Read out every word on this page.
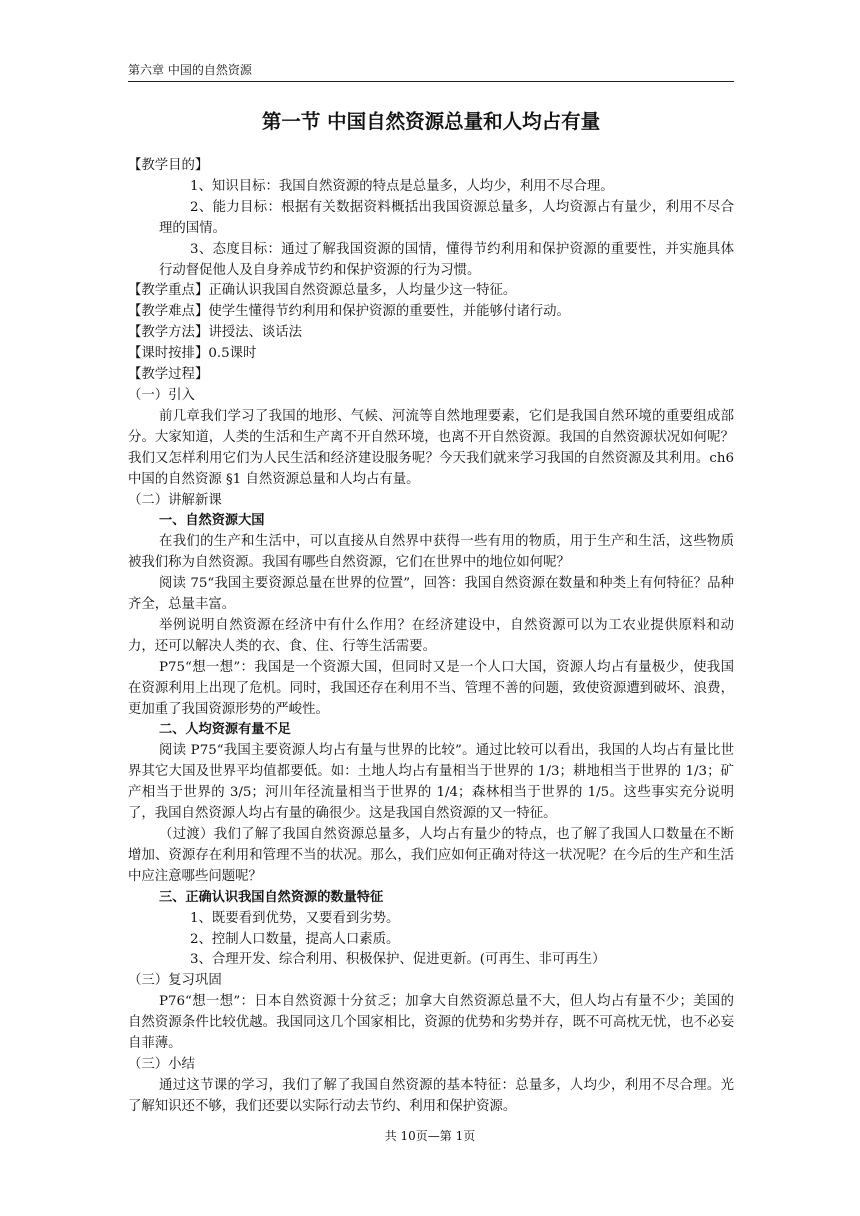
第六章 中国的自然资源
第一节 中国自然资源总量和人均占有量

【教学目的】

1、知识目标：我国自然资源的特点是总量多，人均少，利用不尽合理。

2、能力目标：根据有关数据资料概括出我国资源总量多，人均资源占有量少，利用不尽合理的国情。

3、态度目标：通过了解我国资源的国情，懂得节约利用和保护资源的重要性，并实施具体行动督促他人及自身养成节约和保护资源的行为习惯。

【教学重点】正确认识我国自然资源总量多，人均量少这一特征。

【教学难点】使学生懂得节约利用和保护资源的重要性，并能够付诸行动。

【教学方法】讲授法、谈话法

【课时按排】0.5课时

【教学过程】

（一）引入

前几章我们学习了我国的地形、气候、河流等自然地理要素，它们是我国自然环境的重要组成部分。大家知道，人类的生活和生产离不开自然环境，也离不开自然资源。我国的自然资源状况如何呢？我们又怎样利用它们为人民生活和经济建设服务呢？今天我们就来学习我国的自然资源及其利用。ch6 中国的自然资源 §1 自然资源总量和人均占有量。

（二）讲解新课

一、自然资源大国

在我们的生产和生活中，可以直接从自然界中获得一些有用的物质，用于生产和生活，这些物质被我们称为自然资源。我国有哪些自然资源，它们在世界中的地位如何呢？

阅读 75“我国主要资源总量在世界的位置”，回答：我国自然资源在数量和种类上有何特征？品种齐全，总量丰富。

举例说明自然资源在经济中有什么作用？在经济建设中，自然资源可以为工农业提供原料和动力，还可以解决人类的衣、食、住、行等生活需要。

P75“想一想”：我国是一个资源大国，但同时又是一个人口大国，资源人均占有量极少，使我国在资源利用上出现了危机。同时，我国还存在利用不当、管理不善的问题，致使资源遭到破坏、浪费，更加重了我国资源形势的严峻性。

二、人均资源有量不足

阅读 P75“我国主要资源人均占有量与世界的比较”。通过比较可以看出，我国的人均占有量比世界其它大国及世界平均值都要低。如：土地人均占有量相当于世界的 1/3；耕地相当于世界的 1/3；矿产相当于世界的 3/5；河川年径流量相当于世界的 1/4；森林相当于世界的 1/5。这些事实充分说明了，我国自然资源人均占有量的确很少。这是我国自然资源的又一特征。

（过渡）我们了解了我国自然资源总量多，人均占有量少的特点，也了解了我国人口数量在不断增加、资源存在利用和管理不当的状况。那么，我们应如何正确对待这一状况呢？在今后的生产和生活中应注意哪些问题呢？

三、正确认识我国自然资源的数量特征

1、既要看到优势，又要看到劣势。

2、控制人口数量，提高人口素质。

3、合理开发、综合利用、积极保护、促进更新。(可再生、非可再生）

（三）复习巩固

P76“想一想”：日本自然资源十分贫乏；加拿大自然资源总量不大，但人均占有量不少；美国的自然资源条件比较优越。我国同这几个国家相比，资源的优势和劣势并存，既不可高枕无忧，也不必妄自菲薄。

（三）小结

通过这节课的学习，我们了解了我国自然资源的基本特征：总量多，人均少，利用不尽合理。光了解知识还不够，我们还要以实际行动去节约、利用和保护资源。

共 10页—第 1页
